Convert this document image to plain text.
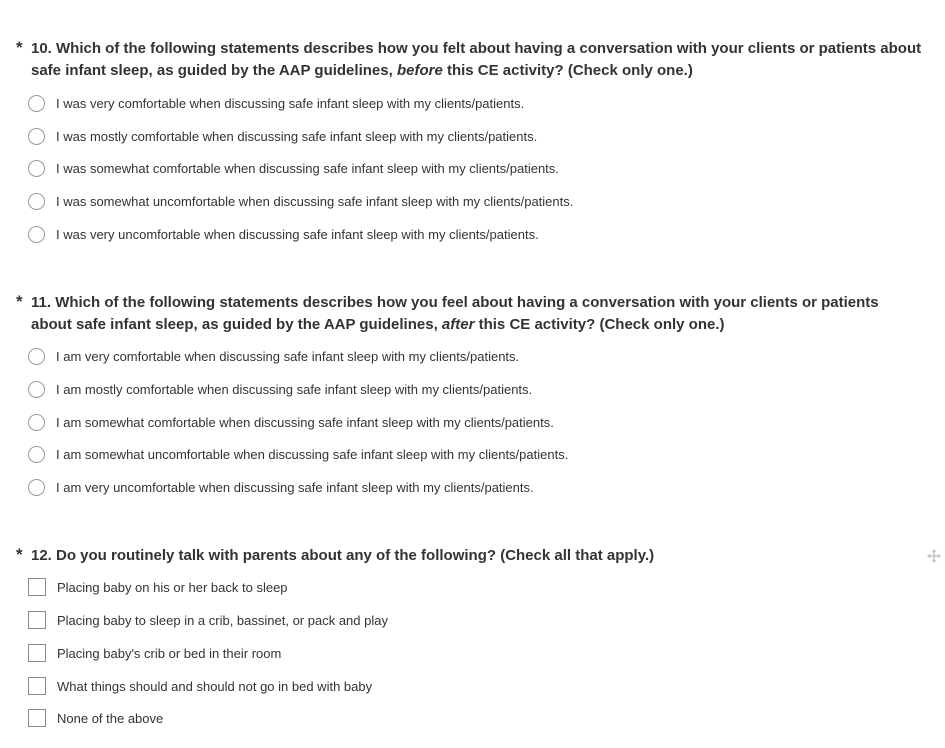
* 10. Which of the following statements describes how you felt about having a conversation with your clients or patients about
safe infant sleep, as guided by the AAP guidelines, before this CE activity? (Check only one.)
I was very comfortable when discussing safe infant sleep with my clients/patients.
I was mostly comfortable when discussing safe infant sleep with my clients/patients.
I was somewhat comfortable when discussing safe infant sleep with my clients/patients.
I was somewhat uncomfortable when discussing safe infant sleep with my clients/patients.
I was very uncomfortable when discussing safe infant sleep with my clients/patients.
* 11. Which of the following statements describes how you feel about having a conversation with your clients or patients
about safe infant sleep, as guided by the AAP guidelines, after this CE activity? (Check only one.)
I am very comfortable when discussing safe infant sleep with my clients/patients.
I am mostly comfortable when discussing safe infant sleep with my clients/patients.
I am somewhat comfortable when discussing safe infant sleep with my clients/patients.
I am somewhat uncomfortable when discussing safe infant sleep with my clients/patients.
I am very uncomfortable when discussing safe infant sleep with my clients/patients.
* 12. Do you routinely talk with parents about any of the following? (Check all that apply.)
Placing baby on his or her back to sleep
Placing baby to sleep in a crib, bassinet, or pack and play
Placing baby's crib or bed in their room
What things should and should not go in bed with baby
None of the above
